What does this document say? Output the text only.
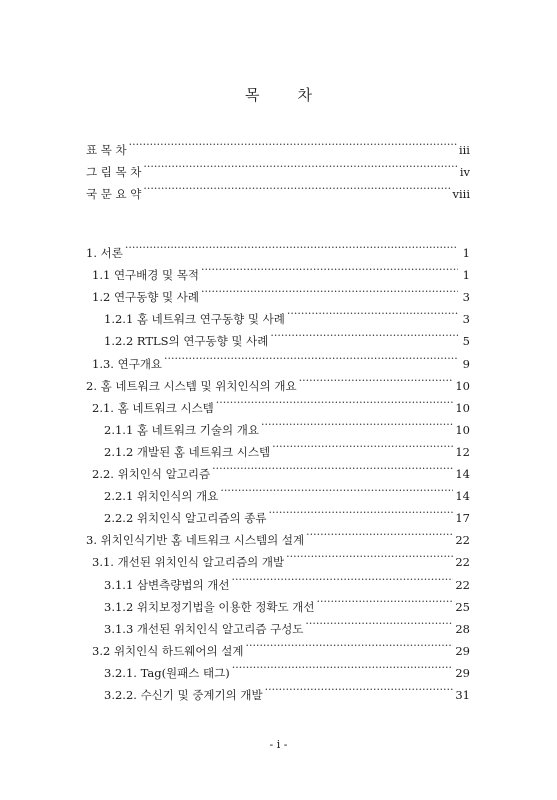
목	차
표 목 차 ·····	iii
그 림 목 차 ·····	iv
국 문 요 약 ·····	viii
1. 서론 ·····	1
1.1 연구배경 및 목적 ·····	1
1.2 연구동향 및 사례 ·····	3
1.2.1 홈 네트워크 연구동향 및 사례 ·····	3
1.2.2 RTLS의 연구동향 및 사례 ·····	5
1.3. 연구개요 ·····	9
2. 홈 네트워크 시스템 및 위치인식의 개요 ·····	10
2.1. 홈 네트워크 시스템 ·····	10
2.1.1 홈 네트워크 기술의 개요 ·····	10
2.1.2 개발된 홈 네트워크 시스템 ·····	12
2.2. 위치인식 알고리즘 ·····	14
2.2.1 위치인식의 개요 ·····	14
2.2.2 위치인식 알고리즘의 종류 ·····	17
3. 위치인식기반 홈 네트워크 시스템의 설계 ·····	22
3.1. 개선된 위치인식 알고리즘의 개발 ·····	22
3.1.1 삼변측량법의 개선 ·····	22
3.1.2 위치보정기법을 이용한 정확도 개선 ·····	25
3.1.3 개선된 위치인식 알고리즘 구성도 ·····	28
3.2 위치인식 하드웨어의 설계 ·····	29
3.2.1. Tag(원패스 태그) ·····	29
3.2.2. 수신기 및 중계기의 개발 ·····	31
- i -
